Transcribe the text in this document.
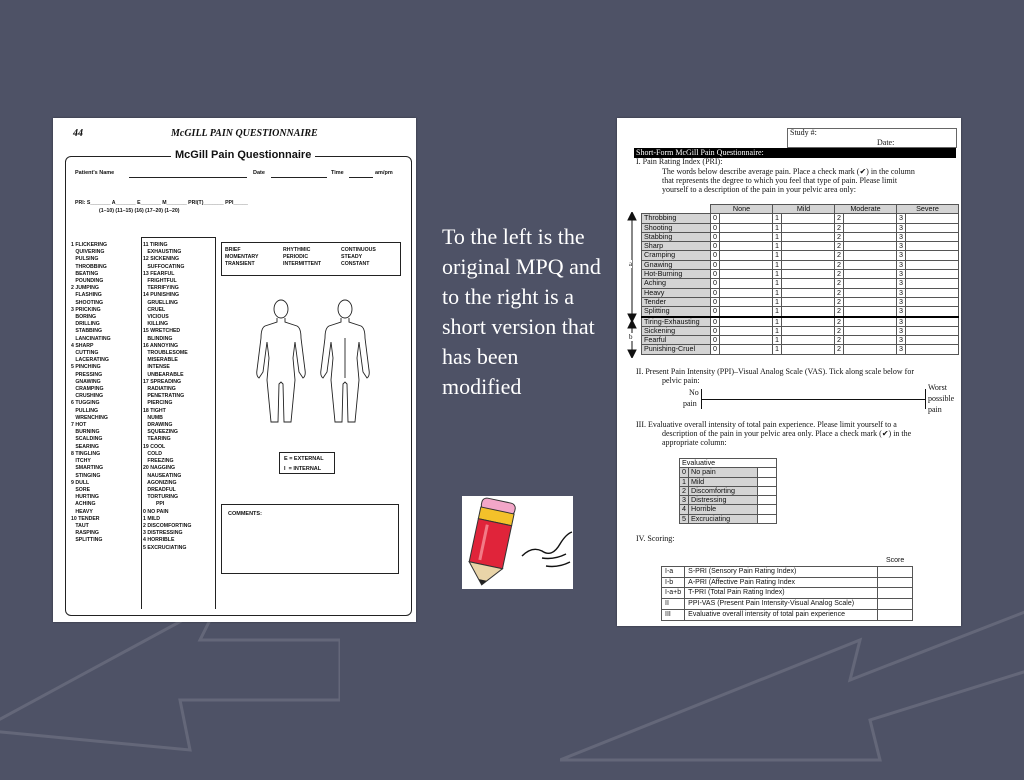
44	McGILL PAIN QUESTIONNAIRE
McGill Pain Questionnaire
Patient's Name	Date	Time	am/pm
PRI: S_______ A_______ E_______ M_______ PRI(T)_______ PPI_____
(1–10) (11–15) (16) (17–20) (1–20)
1 FLICKERING
QUIVERING
PULSING
THROBBING
BEATING
POUNDING
2 JUMPING
FLASHING
SHOOTING
3 PRICKING
BORING
DRILLING
STABBING
LANCINATING
4 SHARP
CUTTING
LACERATING
5 PINCHING
PRESSING
GNAWING
CRAMPING
CRUSHING
6 TUGGING
PULLING
WRENCHING
7 HOT
BURNING
SCALDING
SEARING
8 TINGLING
ITCHY
SMARTING
STINGING
9 DULL
SORE
HURTING
ACHING
HEAVY
10 TENDER
TAUT
RASPING
SPLITTING
11 TIRING
EXHAUSTING
12 SICKENING
SUFFOCATING
13 FEARFUL
FRIGHTFUL
TERRIFYING
14 PUNISHING
GRUELLING
CRUEL
VICIOUS
KILLING
15 WRETCHED
BLINDING
16 ANNOYING
TROUBLESOME
MISERABLE
INTENSE
UNBEARABLE
17 SPREADING
RADIATING
PENETRATING
PIERCING
18 TIGHT
NUMB
DRAWING
SQUEEZING
TEARING
19 COOL
COLD
FREEZING
20 NAGGING
NAUSEATING
AGONIZING
DREADFUL
TORTURING
PPI
0 NO PAIN
1 MILD
2 DISCOMFORTING
3 DISTRESSING
4 HORRIBLE
5 EXCRUCIATING
BRIEF
MOMENTARY
TRANSIENT
RHYTHMIC
PERIODIC
INTERMITTENT
CONTINUOUS
STEADY
CONSTANT
E = EXTERNAL
I  = INTERNAL
COMMENTS:
To the left is the original MPQ and to the right is a short version that has been modified
Study #:
Date:
Short-Form McGill Pain Questionnaire:
I. Pain Rating Index (PRI):
The words below describe average pain. Place a check mark (✔) in the column
that represents the degree to which you feel that type of pain. Please limit
yourself to a description of the pain in your pelvic area only:
a
b
	None		Mild		Moderate		Severe	
Throbbing	0		1		2		3	
Shooting	0		1		2		3	
Stabbing	0		1		2		3	
Sharp	0		1		2		3	
Cramping	0		1		2		3	
Gnawing	0		1		2		3	
Hot-Burning	0		1		2		3	
Aching	0		1		2		3	
Heavy	0		1		2		3	
Tender	0		1		2		3	
Splitting	0		1		2		3	
Tiring-Exhausting	0		1		2		3	
Sickening	0		1		2		3	
Fearful	0		1		2		3	
Punishing-Cruel	0		1		2		3	
II. Present Pain Intensity (PPI)–Visual Analog Scale (VAS). Tick along scale below for
pelvic pain:
No
pain
Worst
possible
pain
III. Evaluative overall intensity of total pain experience. Please limit yourself to a
description of the pain in your pelvic area only. Place a check mark (✔) in the
appropriate column:
Evaluative		
0	No pain	
1	Mild	
2	Discomforting	
3	Distressing	
4	Horrible	
5	Excruciating	
IV. Scoring:
		Score
I-a	S-PRI (Sensory Pain Rating Index)	
I-b	A-PRI (Affective Pain Rating Index	
I-a+b	T-PRI (Total Pain Rating Index)	
II	PPI-VAS (Present Pain Intensity-Visual Analog Scale)	
III	Evaluative overall intensity of total pain experience	
